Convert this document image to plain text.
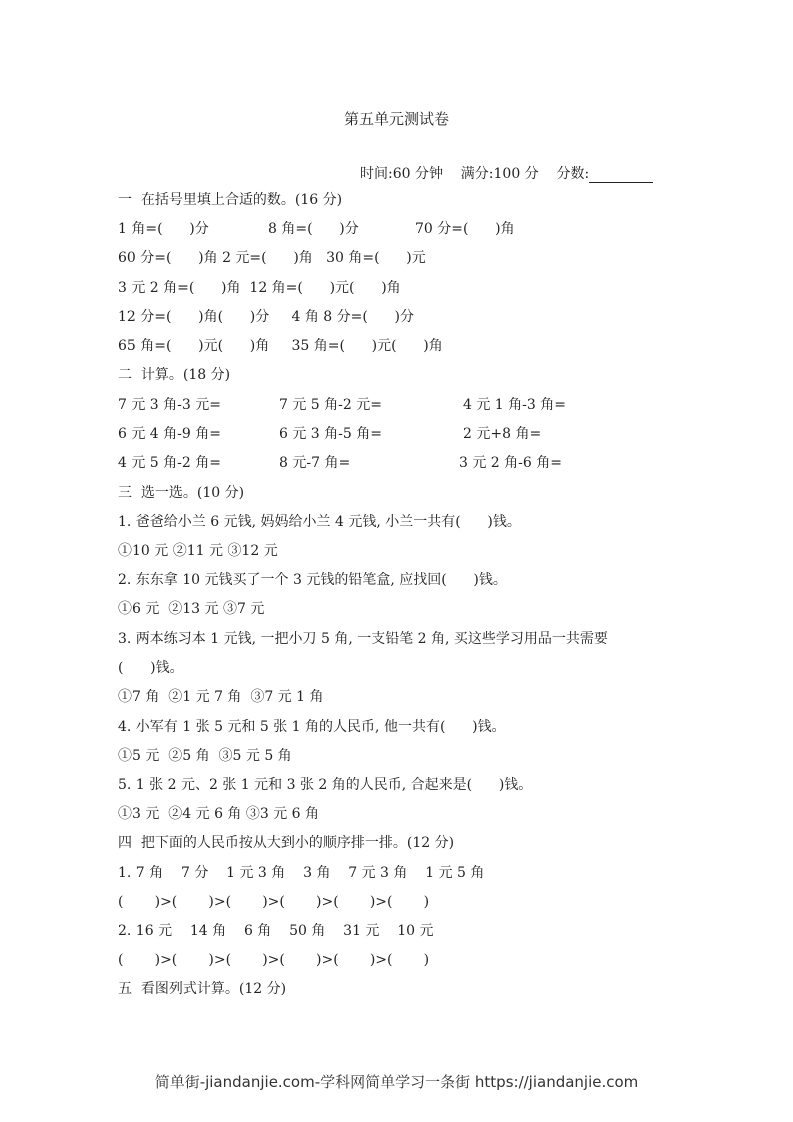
第五单元测试卷
时间:60 分钟 满分:100 分 分数:
一  在括号里填上合适的数。(16 分)
1 角=(      )分	8 角=(      )分	70 分=(      )角
60 分=(      )角 2 元=(      )角   30 角=(      )元
3 元 2 角=(      )角  12 角=(      )元(      )角
12 分=(      )角(      )分     4 角 8 分=(      )分
65 角=(      )元(      )角     35 角=(      )元(      )角
二  计算。(18 分)
7 元 3 角-3 元=	7 元 5 角-2 元=	4 元 1 角-3 角=
6 元 4 角-9 角=	6 元 3 角-5 角=	2 元+8 角=
4 元 5 角-2 角=	8 元-7 角=	3 元 2 角-6 角=
三  选一选。(10 分)
1. 爸爸给小兰 6 元钱, 妈妈给小兰 4 元钱, 小兰一共有(      )钱。
①10 元 ②11 元 ③12 元
2. 东东拿 10 元钱买了一个 3 元钱的铅笔盒, 应找回(      )钱。
①6 元  ②13 元 ③7 元
3. 两本练习本 1 元钱, 一把小刀 5 角, 一支铅笔 2 角, 买这些学习用品一共需要
(      )钱。
①7 角  ②1 元 7 角  ③7 元 1 角
4. 小军有 1 张 5 元和 5 张 1 角的人民币, 他一共有(      )钱。
①5 元  ②5 角  ③5 元 5 角
5. 1 张 2 元、2 张 1 元和 3 张 2 角的人民币, 合起来是(      )钱。
①3 元  ②4 元 6 角 ③3 元 6 角
四  把下面的人民币按从大到小的顺序排一排。(12 分)
1. 7 角    7 分    1 元 3 角    3 角    7 元 3 角    1 元 5 角
(       )>(       )>(       )>(       )>(       )>(       )
2. 16 元    14 角    6 角    50 角    31 元    10 元
(       )>(       )>(       )>(       )>(       )>(       )
五  看图列式计算。(12 分)
简单街-jiandanjie.com-学科网简单学习一条街 https://jiandanjie.com
